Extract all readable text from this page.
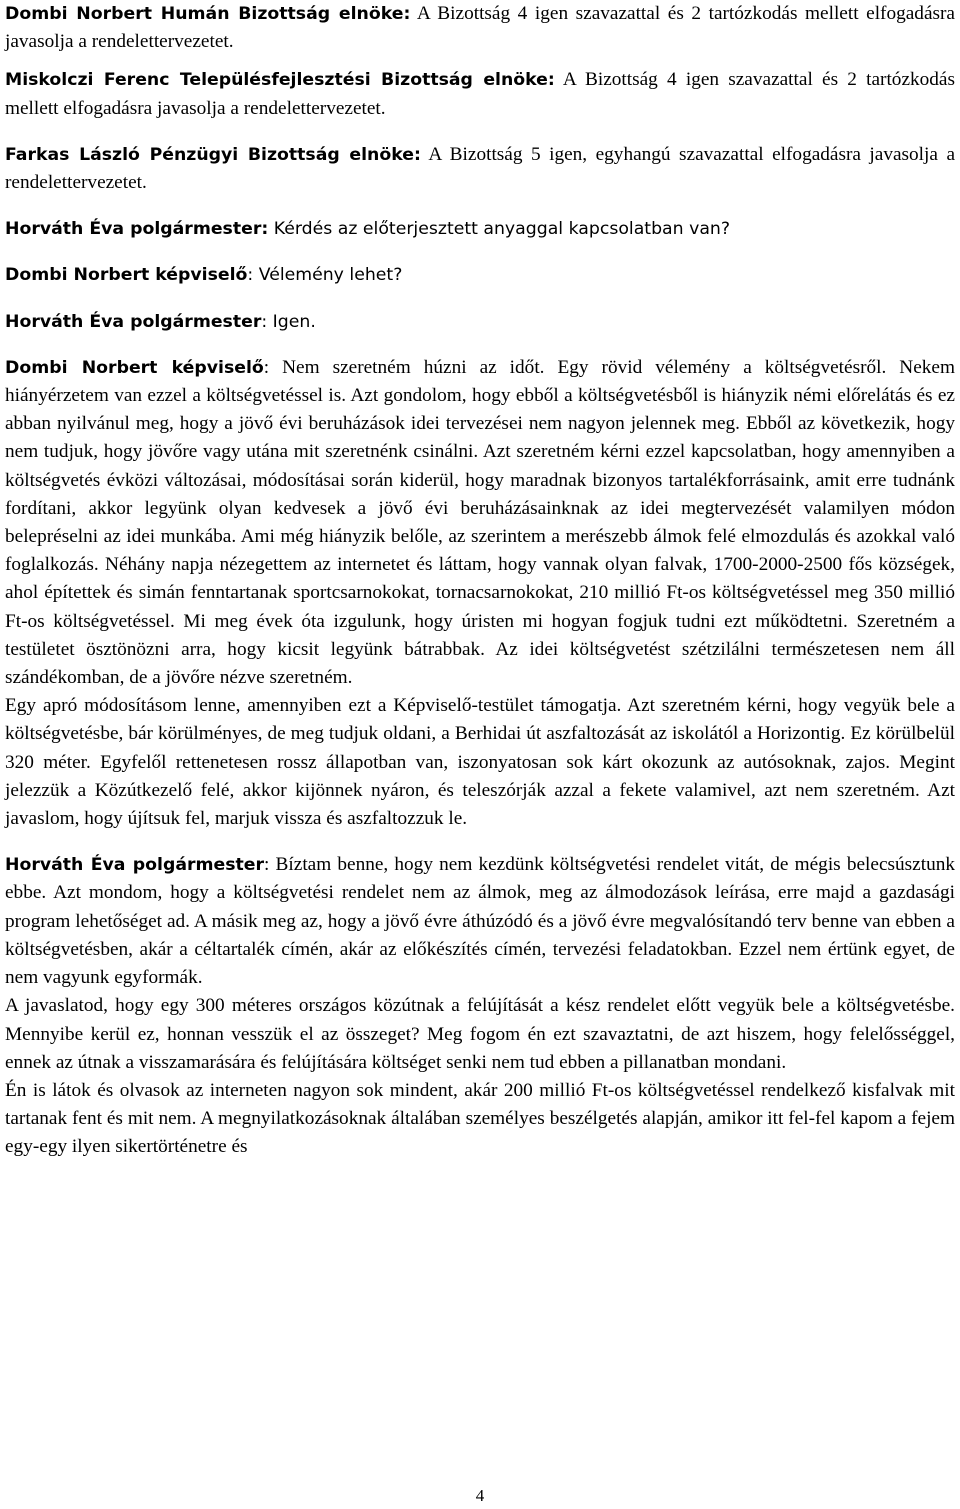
Dombi Norbert Humán Bizottság elnöke: A Bizottság 4 igen szavazattal és 2 tartózkodás mellett elfogadásra javasolja a rendelettervezetet.

Miskolczi Ferenc Településfejlesztési Bizottság elnöke: A Bizottság 4 igen szavazattal és 2 tartózkodás mellett elfogadásra javasolja a rendelettervezetet.

Farkas László Pénzügyi Bizottság elnöke: A Bizottság 5 igen, egyhangú szavazattal elfogadásra javasolja a rendelettervezetet.

Horváth Éva polgármester: Kérdés az előterjesztett anyaggal kapcsolatban van?

Dombi Norbert képviselő: Vélemény lehet?

Horváth Éva polgármester: Igen.

Dombi Norbert képviselő: Nem szeretném húzni az időt. Egy rövid vélemény a költségvetésről. Nekem hiányérzetem van ezzel a költségvetéssel is. Azt gondolom, hogy ebből a költségvetésből is hiányzik némi előrelátás és ez abban nyilvánul meg, hogy a jövő évi beruházások idei tervezései nem nagyon jelennek meg. Ebből az következik, hogy nem tudjuk, hogy jövőre vagy utána mit szeretnénk csinálni. Azt szeretném kérni ezzel kapcsolatban, hogy amennyiben a költségvetés évközi változásai, módosításai során kiderül, hogy maradnak bizonyos tartalékforrásaink, amit erre tudnánk fordítani, akkor legyünk olyan kedvesek a jövő évi beruházásainknak az idei megtervezését valamilyen módon belepréselni az idei munkába. Ami még hiányzik belőle, az szerintem a merészebb álmok felé elmozdulás és azokkal való foglalkozás. Néhány napja nézegettem az internetet és láttam, hogy vannak olyan falvak, 1700-2000-2500 fős községek, ahol építettek és simán fenntartanak sportcsarnokokat, tornacsarnokokat, 210 millió Ft-os költségvetéssel meg 350 millió Ft-os költségvetéssel. Mi meg évek óta izgulunk, hogy úristen mi hogyan fogjuk tudni ezt működtetni. Szeretném a testületet ösztönözni arra, hogy kicsit legyünk bátrabbak. Az idei költségvetést szétzilálni természetesen nem áll szándékomban, de a jövőre nézve szeretném.

Egy apró módosításom lenne, amennyiben ezt a Képviselő-testület támogatja. Azt szeretném kérni, hogy vegyük bele a költségvetésbe, bár körülményes, de meg tudjuk oldani, a Berhidai út aszfaltozását az iskolától a Horizontig. Ez körülbelül 320 méter. Egyfelől rettenetesen rossz állapotban van, iszonyatosan sok kárt okozunk az autósoknak, zajos. Megint jelezzük a Közútkezelő felé, akkor kijönnek nyáron, és teleszórják azzal a fekete valamivel, azt nem szeretném. Azt javaslom, hogy újítsuk fel, marjuk vissza és aszfaltozzuk le.

Horváth Éva polgármester: Bíztam benne, hogy nem kezdünk költségvetési rendelet vitát, de mégis belecsúsztunk ebbe. Azt mondom, hogy a költségvetési rendelet nem az álmok, meg az álmodozások leírása, erre majd a gazdasági program lehetőséget ad. A másik meg az, hogy a jövő évre áthúzódó és a jövő évre megvalósítandó terv benne van ebben a költségvetésben, akár a céltartalék címén, akár az előkészítés címén, tervezési feladatokban. Ezzel nem értünk egyet, de nem vagyunk egyformák.

A javaslatod, hogy egy 300 méteres országos közútnak a felújítását a kész rendelet előtt vegyük bele a költségvetésbe. Mennyibe kerül ez, honnan vesszük el az összeget? Meg fogom én ezt szavaztatni, de azt hiszem, hogy felelősséggel, ennek az útnak a visszamarására és felújítására költséget senki nem tud ebben a pillanatban mondani.

Én is látok és olvasok az interneten nagyon sok mindent, akár 200 millió Ft-os költségvetéssel rendelkező kisfalvak mit tartanak fent és mit nem. A megnyilatkozásoknak általában személyes beszélgetés alapján, amikor itt fel-fel kapom a fejem egy-egy ilyen sikertörténetre és

4
